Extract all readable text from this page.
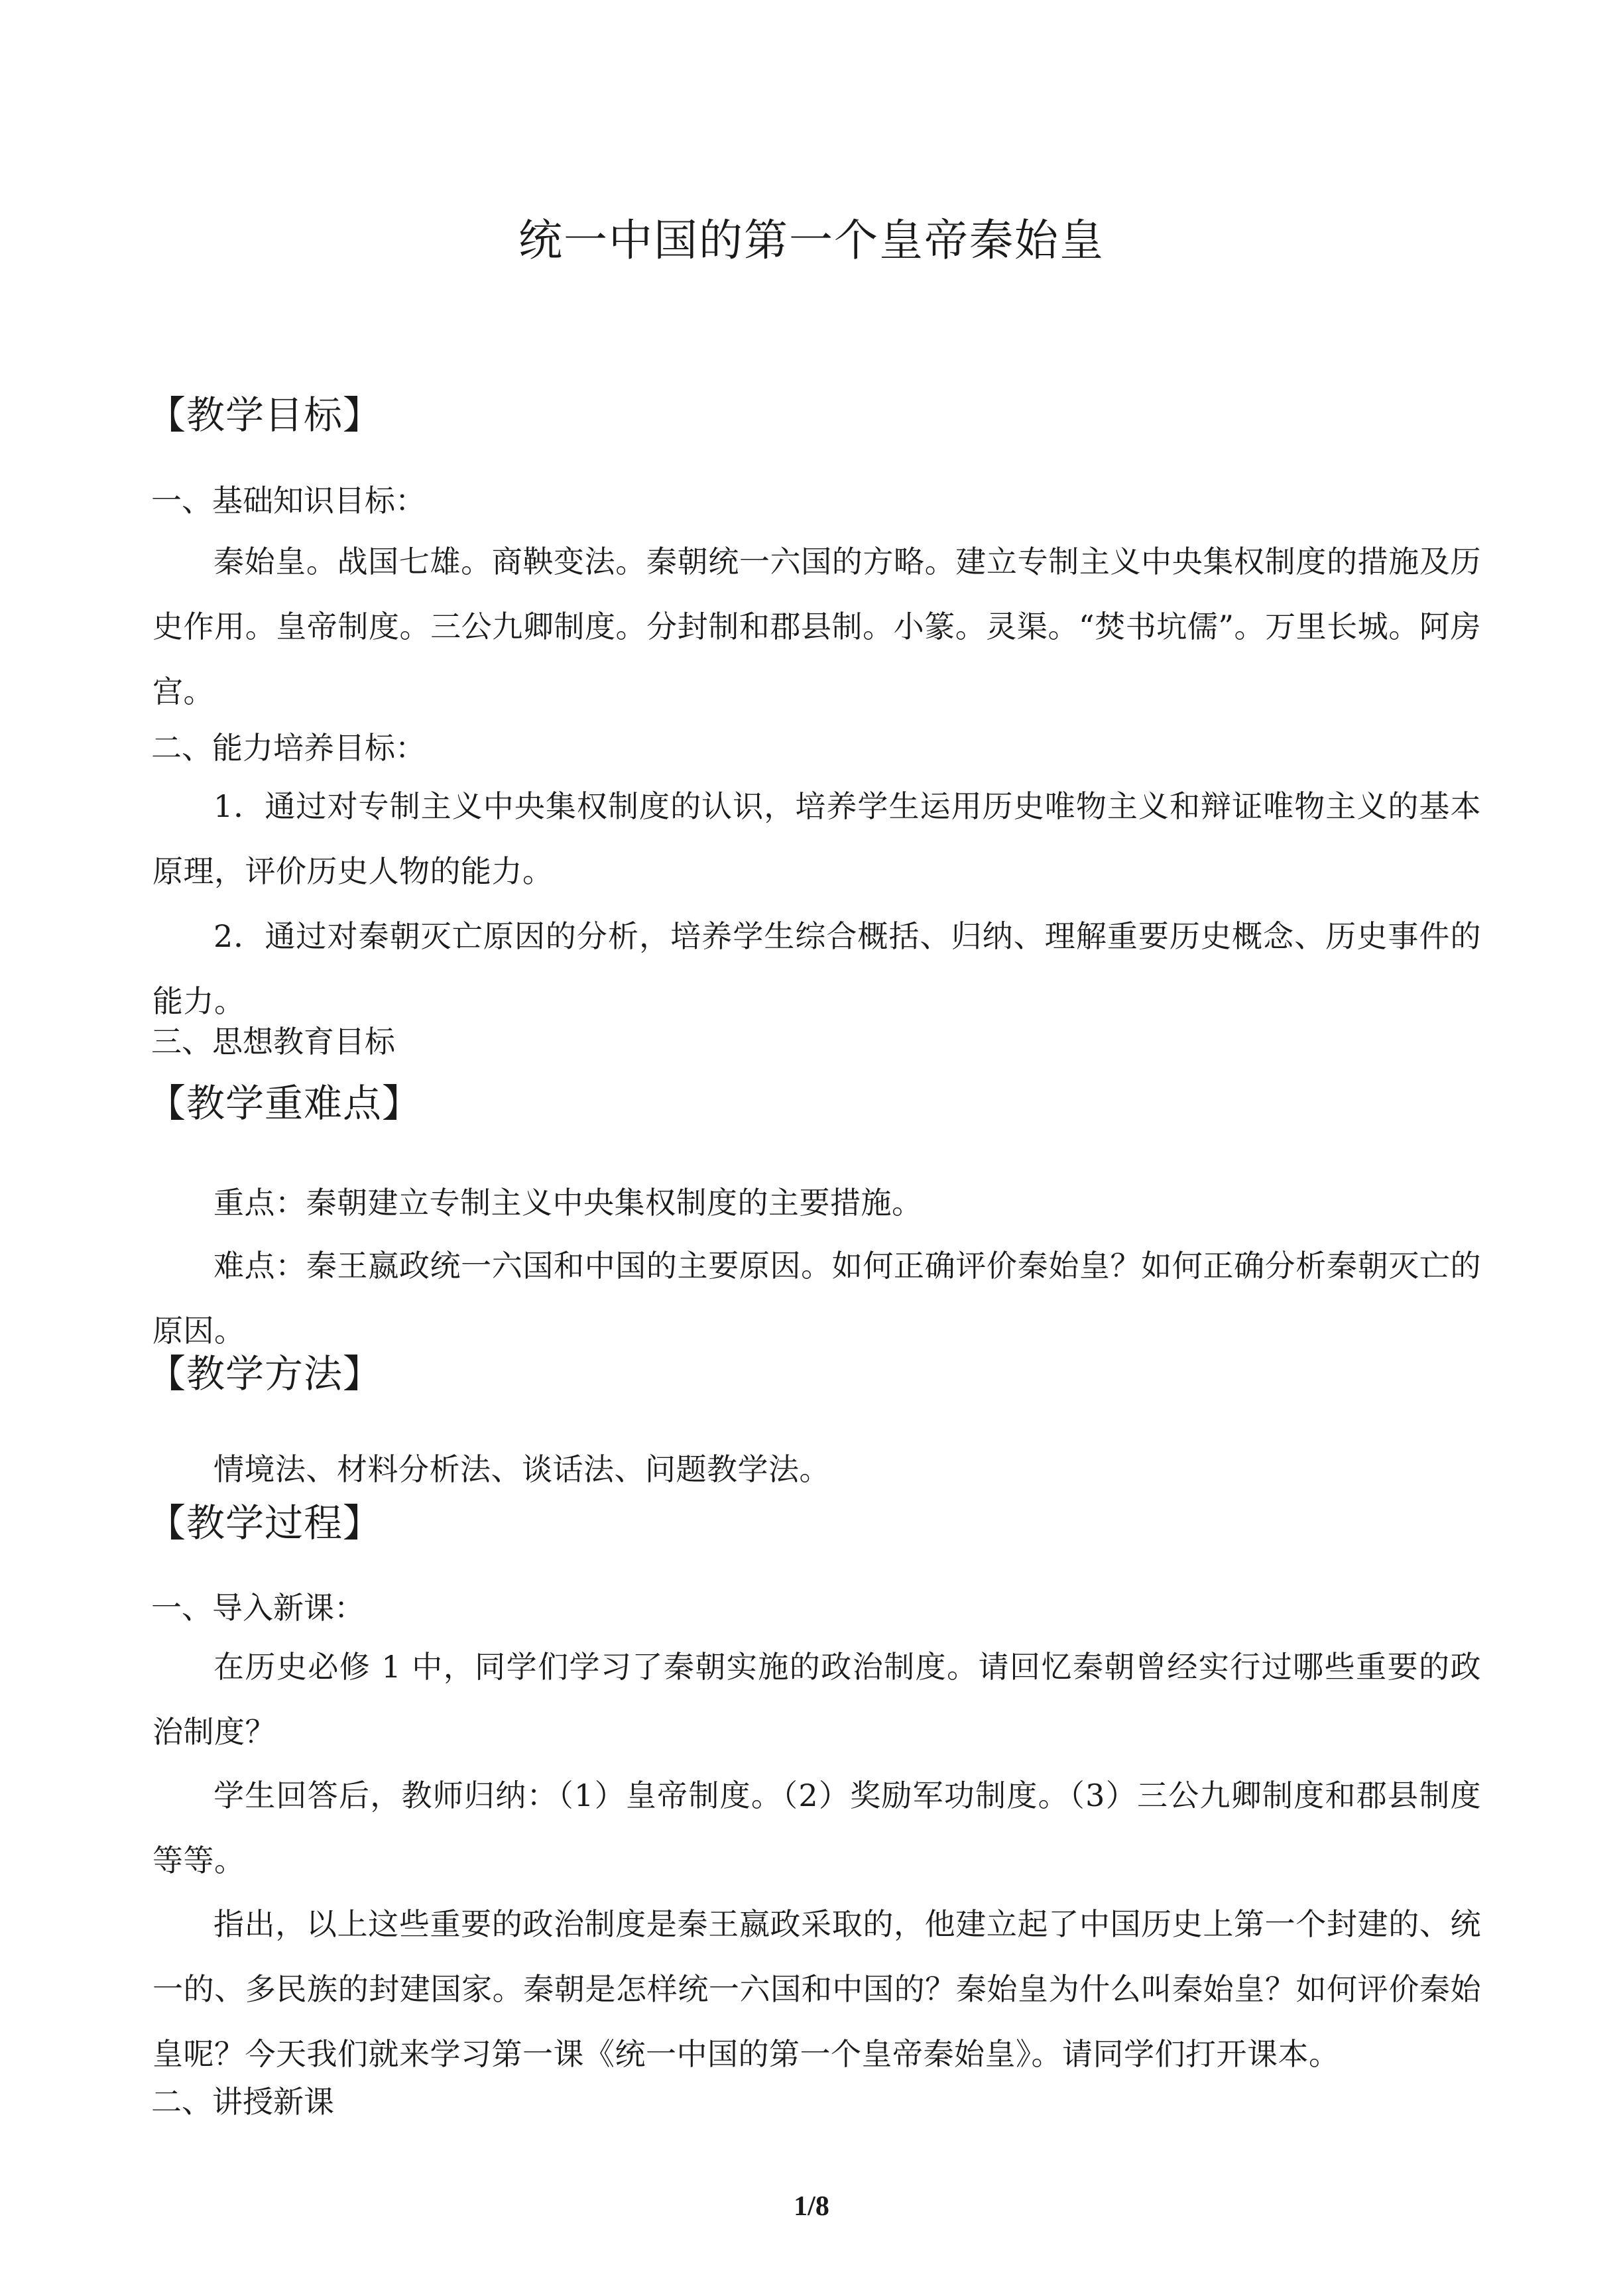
统一中国的第一个皇帝秦始皇
【教学目标】
一、基础知识目标：
秦始皇。战国七雄。商鞅变法。秦朝统一六国的方略。建立专制主义中央集权制度的措施及历史作用。皇帝制度。三公九卿制度。分封制和郡县制。小篆。灵渠。“焚书坑儒”。万里长城。阿房宫。
二、能力培养目标：
1．通过对专制主义中央集权制度的认识，培养学生运用历史唯物主义和辩证唯物主义的基本原理，评价历史人物的能力。
2．通过对秦朝灭亡原因的分析，培养学生综合概括、归纳、理解重要历史概念、历史事件的能力。
三、思想教育目标
【教学重难点】
重点：秦朝建立专制主义中央集权制度的主要措施。
难点：秦王嬴政统一六国和中国的主要原因。如何正确评价秦始皇？如何正确分析秦朝灭亡的原因。
【教学方法】
情境法、材料分析法、谈话法、问题教学法。
【教学过程】
一、导入新课：
在历史必修 1 中，同学们学习了秦朝实施的政治制度。请回忆秦朝曾经实行过哪些重要的政治制度？
学生回答后，教师归纳：（1）皇帝制度。（2）奖励军功制度。（3）三公九卿制度和郡县制度等等。
指出，以上这些重要的政治制度是秦王嬴政采取的，他建立起了中国历史上第一个封建的、统一的、多民族的封建国家。秦朝是怎样统一六国和中国的？秦始皇为什么叫秦始皇？如何评价秦始皇呢？今天我们就来学习第一课《统一中国的第一个皇帝秦始皇》。请同学们打开课本。
二、讲授新课
1/8
